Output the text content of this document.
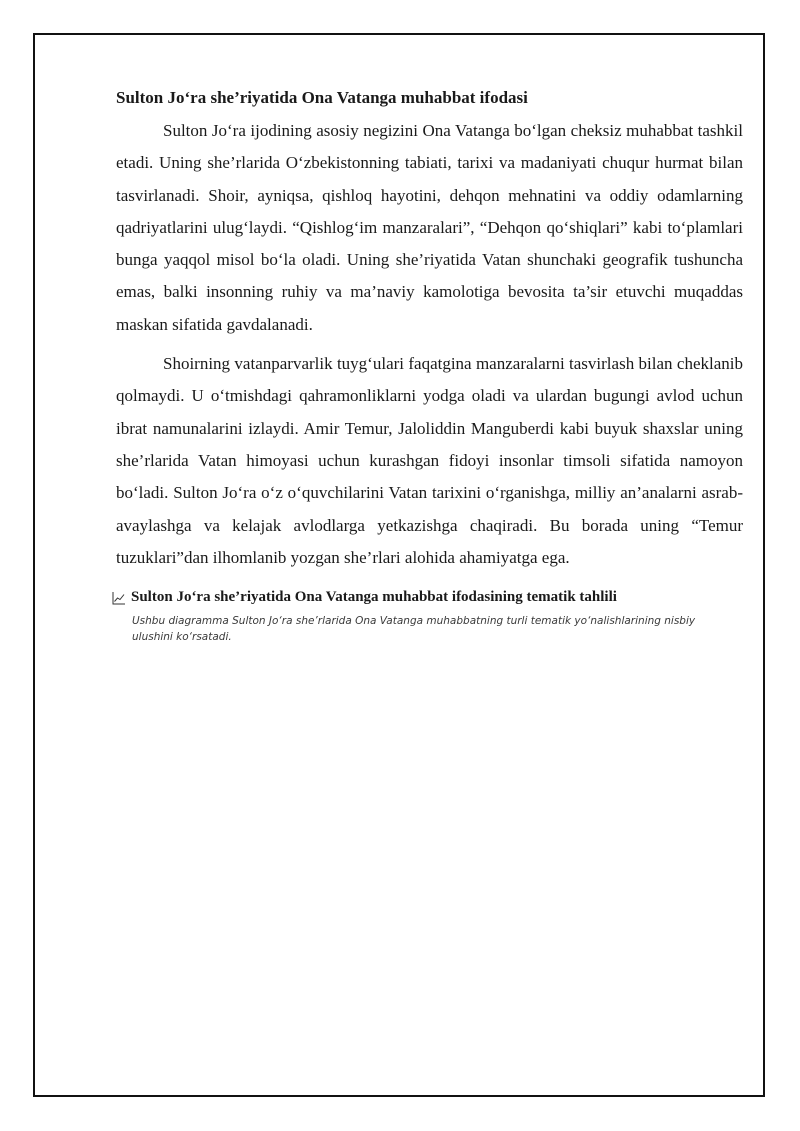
Sulton Jo‘ra she’riyatida Ona Vatanga muhabbat ifodasi

Sulton Jo‘ra ijodining asosiy negizini Ona Vatanga bo‘lgan cheksiz muhabbat tashkil etadi. Uning she’rlarida O‘zbekistonning tabiati, tarixi va madaniyati chuqur hurmat bilan tasvirlanadi. Shoir, ayniqsa, qishloq hayotini, dehqon mehnatini va oddiy odamlarning qadriyatlarini ulug‘laydi. “Qishlog‘im manzaralari”, “Dehqon qo‘shiqlari” kabi to‘plamlari bunga yaqqol misol bo‘la oladi. Uning she’riyatida Vatan shunchaki geografik tushuncha emas, balki insonning ruhiy va ma’naviy kamolotiga bevosita ta’sir etuvchi muqaddas maskan sifatida gavdalanadi.

Shoirning vatanparvarlik tuyg‘ulari faqatgina manzaralarni tasvirlash bilan cheklanib qolmaydi. U o‘tmishdagi qahramonliklarni yodga oladi va ulardan bugungi avlod uchun ibrat namunalarini izlaydi. Amir Temur, Jaloliddin Manguberdi kabi buyuk shaxslar uning she’rlarida Vatan himoyasi uchun kurashgan fidoyi insonlar timsoli sifatida namoyon bo‘ladi. Sulton Jo‘ra o‘z o‘quvchilarini Vatan tarixini o‘rganishga, milliy an’analarni asrab-avaylashga va kelajak avlodlarga yetkazishga chaqiradi. Bu borada uning “Temur tuzuklari”dan ilhomlanib yozgan she’rlari alohida ahamiyatga ega.

Sulton Jo‘ra she’riyatida Ona Vatanga muhabbat ifodasining tematik tahlili
Ushbu diagramma Sulton Jo‘ra she’rlarida Ona Vatanga muhabbatning turli tematik yo‘nalishlarining nisbiy ulushini ko‘rsatadi.
